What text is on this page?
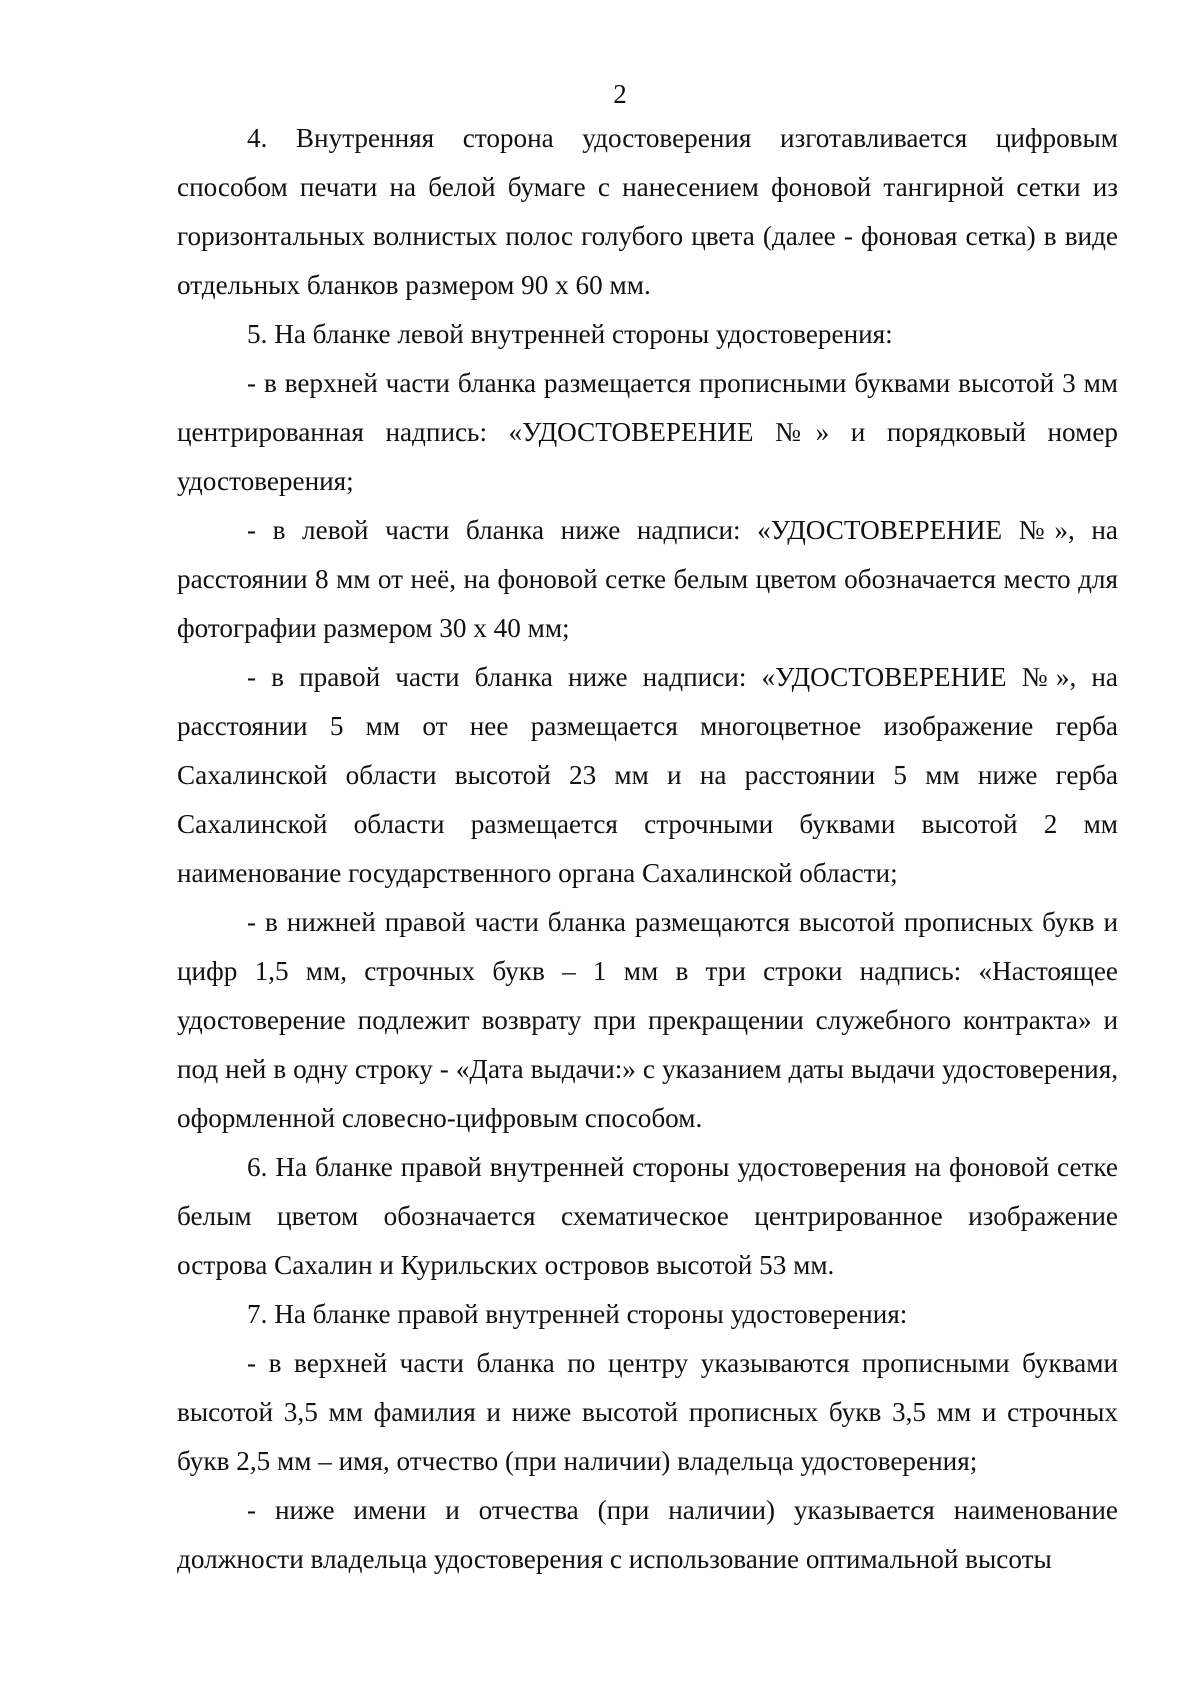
2

4. Внутренняя сторона удостоверения изготавливается цифровым способом печати на белой бумаге с нанесением фоновой тангирной сетки из горизонтальных волнистых полос голубого цвета (далее - фоновая сетка) в виде отдельных бланков размером 90 х 60 мм.

5. На бланке левой внутренней стороны удостоверения:

- в верхней части бланка размещается прописными буквами высотой 3 мм центрированная надпись: «УДОСТОВЕРЕНИЕ №» и порядковый номер удостоверения;

- в левой части бланка ниже надписи: «УДОСТОВЕРЕНИЕ №», на расстоянии 8 мм от неё, на фоновой сетке белым цветом обозначается место для фотографии размером 30 х 40 мм;

- в правой части бланка ниже надписи: «УДОСТОВЕРЕНИЕ №», на расстоянии 5 мм от нее размещается многоцветное изображение герба Сахалинской области высотой 23 мм и на расстоянии 5 мм ниже герба Сахалинской области размещается строчными буквами высотой 2 мм наименование государственного органа Сахалинской области;

- в нижней правой части бланка размещаются высотой прописных букв и цифр 1,5 мм, строчных букв – 1 мм в три строки надпись: «Настоящее удостоверение подлежит возврату при прекращении служебного контракта» и под ней в одну строку - «Дата выдачи:» с указанием даты выдачи удостоверения, оформленной словесно-цифровым способом.

6. На бланке правой внутренней стороны удостоверения на фоновой сетке белым цветом обозначается схематическое центрированное изображение острова Сахалин и Курильских островов высотой 53 мм.

7. На бланке правой внутренней стороны удостоверения:

- в верхней части бланка по центру указываются прописными буквами высотой 3,5 мм фамилия и ниже высотой прописных букв 3,5 мм и строчных букв 2,5 мм – имя, отчество (при наличии) владельца удостоверения;

- ниже имени и отчества (при наличии) указывается наименование должности владельца удостоверения с использование оптимальной высоты
